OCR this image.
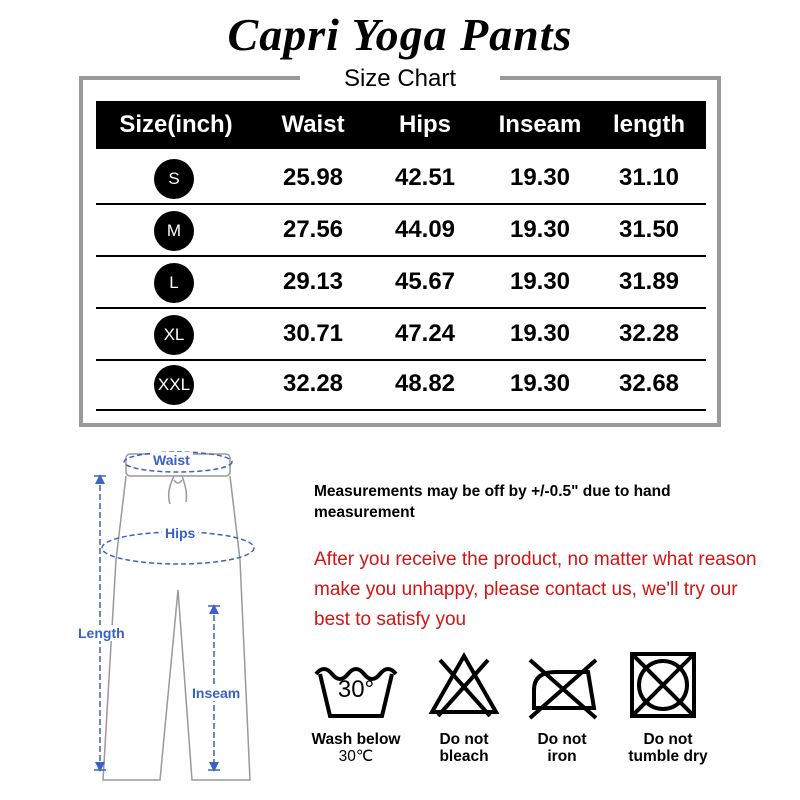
Capri Yoga Pants
Size Chart
Size(inch)	Waist	Hips	Inseam	length
S	25.98	42.51	19.30	31.10
M	27.56	44.09	19.30	31.50
L	29.13	45.67	19.30	31.89
XL	30.71	47.24	19.30	32.28
XXL	32.28	48.82	19.30	32.68
Waist
Hips
Length
Inseam
Measurements may be off by +/-0.5" due to hand measurement
After you receive the product, no matter what reason make you unhappy, please contact us, we'll try our best to satisfy you
30°
Wash below
30℃
Do not
bleach
Do not
iron
Do not
tumble dry
